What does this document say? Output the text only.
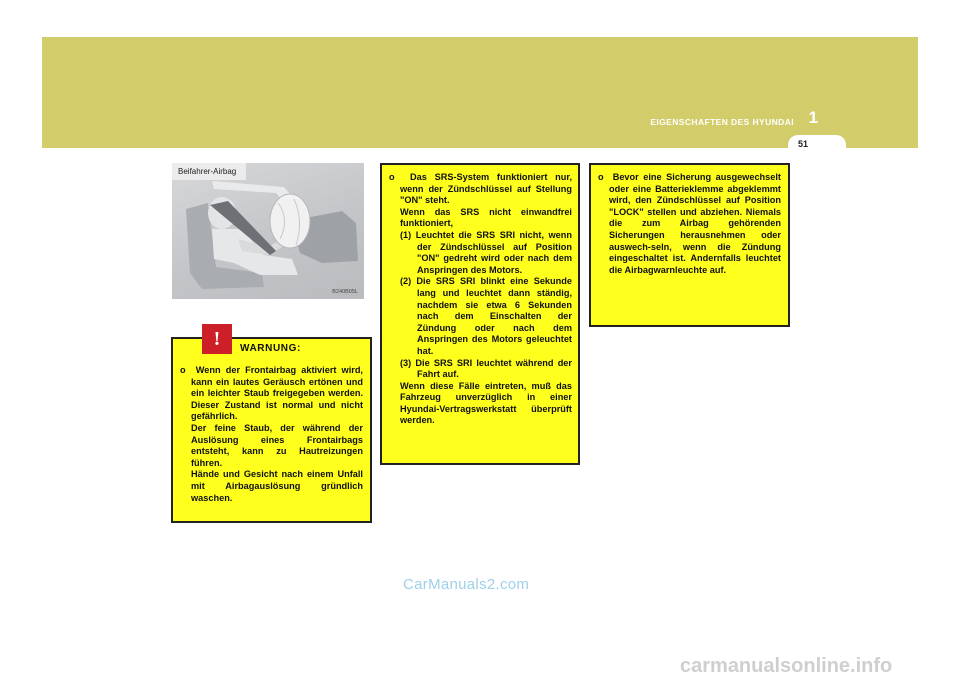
EIGENSCHAFTEN DES HYUNDAI 1
51
Beifahrer-Airbag
B240B05L
!	WARNUNG:

o Wenn der Frontairbag aktiviert wird, kann ein lautes Geräusch ertönen und ein leichter Staub freigegeben werden. Dieser Zustand ist normal und nicht gefährlich.

Der feine Staub, der während der Auslösung eines Frontairbags entsteht, kann zu Hautreizungen führen.

Hände und Gesicht nach einem Unfall mit Airbagauslösung gründlich waschen.

o Das SRS-System funktioniert nur, wenn der Zündschlüssel auf Stellung "ON" steht.

Wenn das SRS nicht einwandfrei funktioniert,

(1) Leuchtet die SRS SRI nicht, wenn der Zündschlüssel auf Position "ON" gedreht wird oder nach dem Anspringen des Motors.

(2) Die SRS SRI blinkt eine Sekunde lang und leuchtet dann ständig, nachdem sie etwa 6 Sekunden nach dem Einschalten der Zündung oder nach dem Anspringen des Motors geleuchtet hat.

(3) Die SRS SRI leuchtet während der Fahrt auf.

Wenn diese Fälle eintreten, muß das Fahrzeug unverzüglich in einer Hyundai-Vertragswerkstatt überprüft werden.

o Bevor eine Sicherung ausgewechselt oder eine Batterieklemme abgeklemmt wird, den Zündschlüssel auf Position "LOCK" stellen und abziehen. Niemals die zum Airbag gehörenden Sicherungen herausnehmen oder auswech-seln, wenn die Zündung eingeschaltet ist. Andernfalls leuchtet die Airbagwarnleuchte auf.

CarManuals2.com
carmanualsonline.info
